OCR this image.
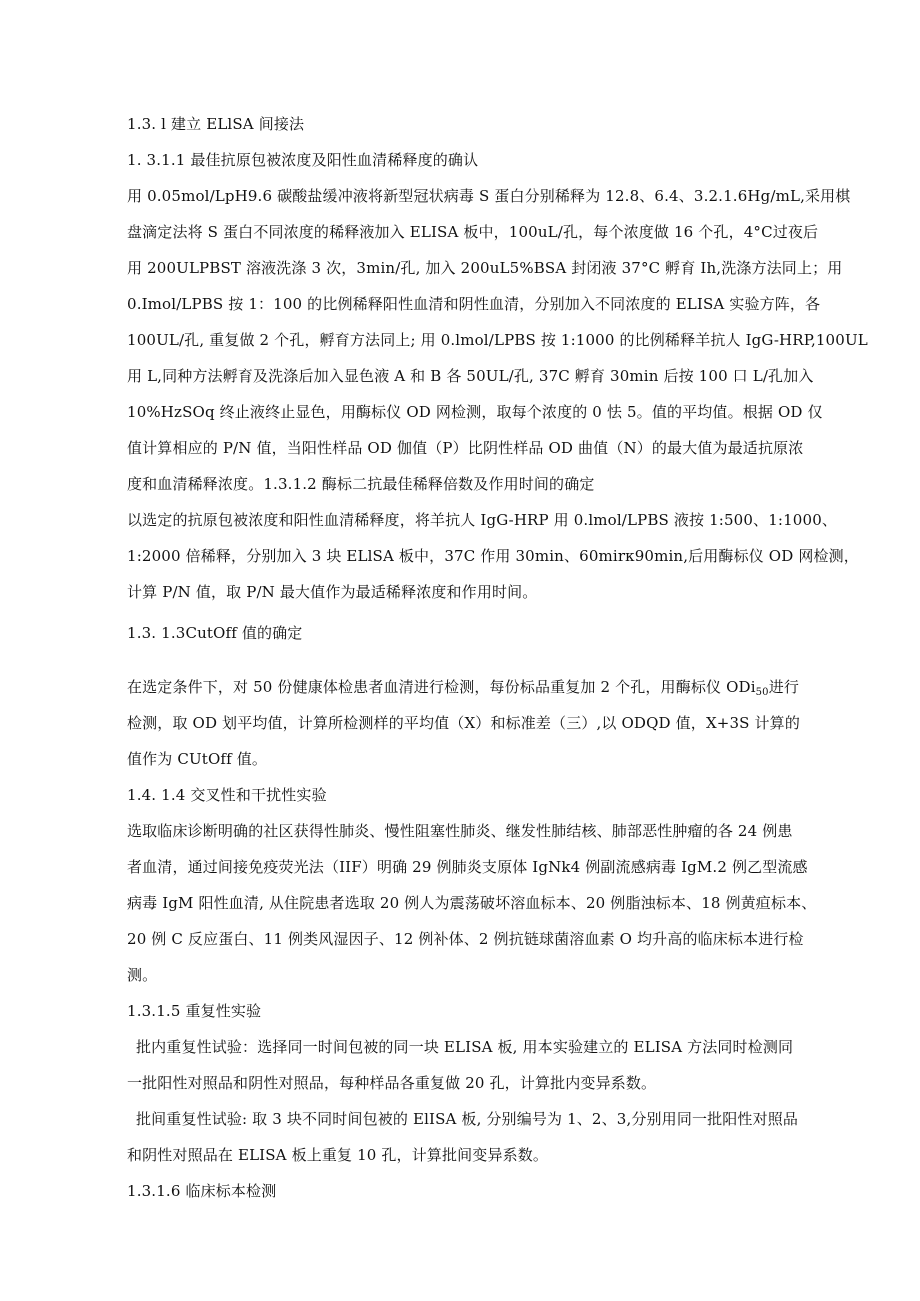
1.3. l 建立 ELlSA 间接法

1. 3.1.1 最佳抗原包被浓度及阳性血清稀释度的确认

用 0.05mol∕LpH9.6 碳酸盐缓冲液将新型冠状病毒 S 蛋白分别稀释为 12.8、6.4、3.2.1.6Hg∕mL,采用棋

盘滴定法将 S 蛋白不同浓度的稀释液加入 ELISA 板中，100uL∕孔，每个浓度做 16 个孔，4°C过夜后

用 200ULPBST 溶液洗涤 3 次，3min∕孔, 加入 200uL5%BSA 封闭液 37°C 孵育 Ih,洗涤方法同上；用

0.Imol/LPBS 按 1：100 的比例稀释阳性血清和阴性血清，分别加入不同浓度的 ELISA 实验方阵，各

100UL∕孔, 重复做 2 个孔，孵育方法同上; 用 0.lmol∕LPBS 按 1:1000 的比例稀释羊抗人 IgG-HRP,100UL

用 L,同种方法孵育及洗涤后加入显色液 A 和 B 各 50UL∕孔, 37C 孵育 30min 后按 100 口 L∕孔加入

10%HzSOq 终止液终止显色，用酶标仪 OD 网检测，取每个浓度的 0 怯 5。值的平均值。根据 OD 仅

值计算相应的 P/N 值，当阳性样品 OD 伽值（P）比阴性样品 OD 曲值（N）的最大值为最适抗原浓

度和血清稀释浓度。1.3.1.2 酶标二抗最佳稀释倍数及作用时间的确定

以选定的抗原包被浓度和阳性血清稀释度，将羊抗人 IgG-HRP 用 0.lmol∕LPBS 液按 1:500、1:1000、

1:2000 倍稀释，分别加入 3 块 ELlSA 板中，37C 作用 30min、60mirк90min,后用酶标仪 OD 网检测，

计算 P/N 值，取 P/N 最大值作为最适稀释浓度和作用时间。

1.3. 1.3CutOff 值的确定

在选定条件下，对 50 份健康体检患者血清进行检测，每份标品重复加 2 个孔，用酶标仪 ODi$_{50}$进行

检测，取 OD 划平均值，计算所检测样的平均值（X）和标准差（三）,以 ODQD 值，X+3S 计算的

值作为 CUtOff 值。

1.4. 1.4 交叉性和干扰性实验

选取临床诊断明确的社区获得性肺炎、慢性阻塞性肺炎、继发性肺结核、肺部恶性肿瘤的各 24 例患

者血清，通过间接免疫荧光法（IIF）明确 29 例肺炎支原体 IgNk4 例副流感病毒 IgM.2 例乙型流感

病毒 IgM 阳性血清, 从住院患者选取 20 例人为震荡破坏溶血标本、20 例脂浊标本、18 例黄疸标本、

20 例 C 反应蛋白、11 例类风湿因子、12 例补体、2 例抗链球菌溶血素 O 均升高的临床标本进行检

测。

1.3.1.5 重复性实验

批内重复性试验：选择同一时间包被的同一块 ELISA 板, 用本实验建立的 ELISA 方法同时检测同

一批阳性对照品和阴性对照品，每种样品各重复做 20 孔，计算批内变异系数。

批间重复性试验: 取 3 块不同时间包被的 ElISA 板, 分别编号为 1、2、3,分别用同一批阳性对照品

和阴性对照品在 ELISA 板上重复 10 孔，计算批间变异系数。

1.3.1.6 临床标本检测
